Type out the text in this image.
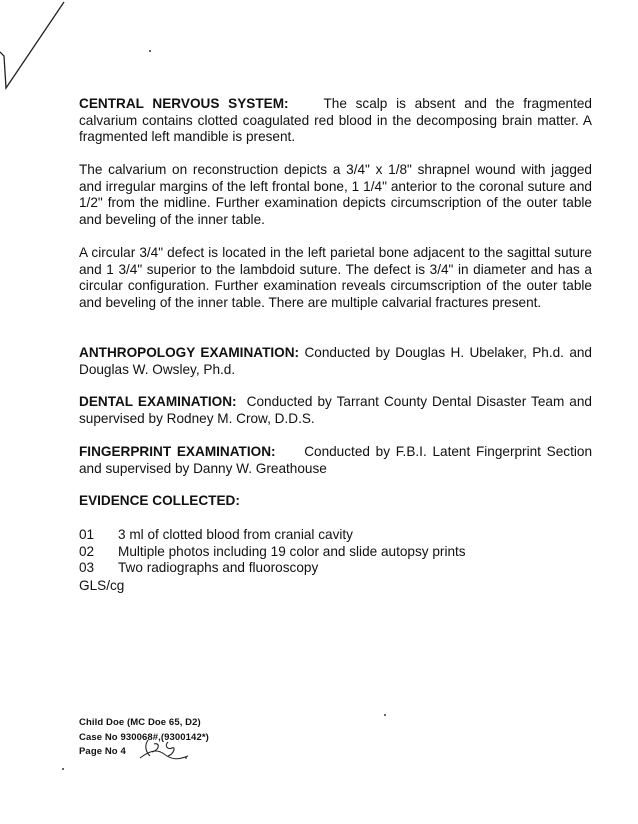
CENTRAL NERVOUS SYSTEM:	The scalp is absent and the fragmented calvarium contains clotted coagulated red blood in the decomposing brain matter. A fragmented left mandible is present.

The calvarium on reconstruction depicts a 3/4" x 1/8" shrapnel wound with jagged and irregular margins of the left frontal bone, 1 1/4" anterior to the coronal suture and 1/2" from the midline. Further examination depicts circumscription of the outer table and beveling of the inner table.

A circular 3/4" defect is located in the left parietal bone adjacent to the sagittal suture and 1 3/4" superior to the lambdoid suture. The defect is 3/4" in diameter and has a circular configuration. Further examination reveals circumscription of the outer table and beveling of the inner table. There are multiple calvarial fractures present.

ANTHROPOLOGY EXAMINATION: Conducted by Douglas H. Ubelaker, Ph.d. and Douglas W. Owsley, Ph.d.

DENTAL EXAMINATION: Conducted by Tarrant County Dental Disaster Team and supervised by Rodney M. Crow, D.D.S.

FINGERPRINT EXAMINATION: Conducted by F.B.I. Latent Fingerprint Section and supervised by Danny W. Greathouse

EVIDENCE COLLECTED:

01	3 ml of clotted blood from cranial cavity
02	Multiple photos including 19 color and slide autopsy prints
03	Two radiographs and fluoroscopy
GLS/cg
Child Doe (MC Doe 65, D2)
Case No 930068#,(9300142*)
Page No 4
